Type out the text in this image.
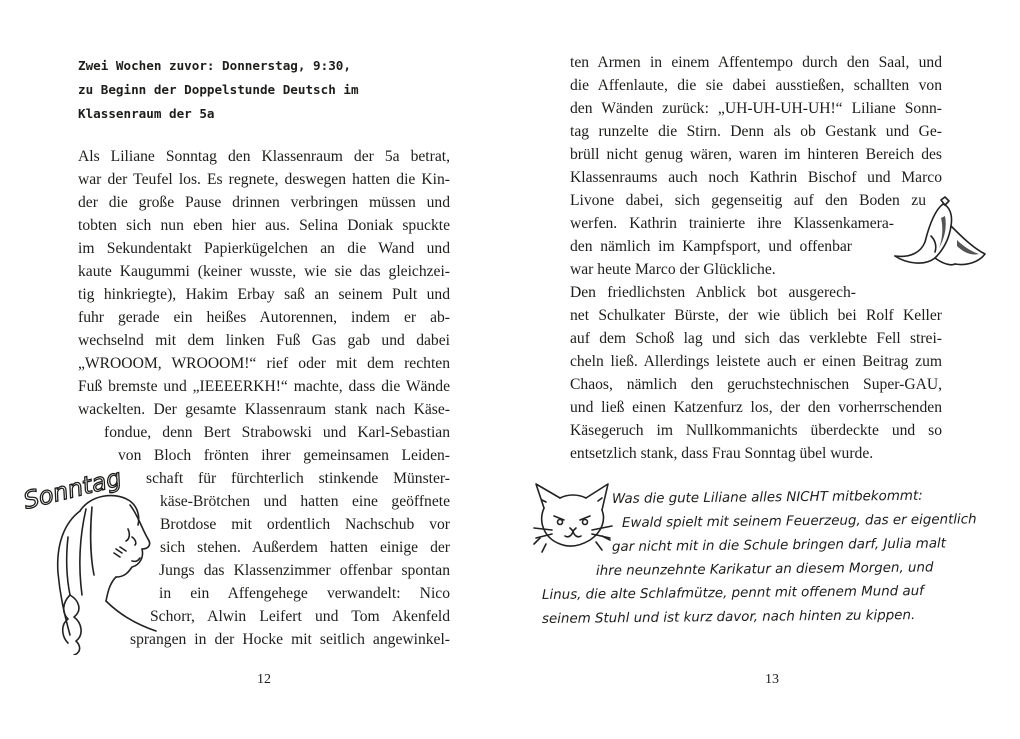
Zwei Wochen zuvor: Donnerstag, 9:30,
zu Beginn der Doppelstunde Deutsch im
Klassenraum der 5a
Als Liliane Sonntag den Klassenraum der 5a betrat,
war der Teufel los. Es regnete, deswegen hatten die Kin-
der die große Pause drinnen verbringen müssen und
tobten sich nun eben hier aus. Selina Doniak spuckte
im Sekundentakt Papierkügelchen an die Wand und
kaute Kaugummi (keiner wusste, wie sie das gleichzei-
tig hinkriegte), Hakim Erbay saß an seinem Pult und
fuhr gerade ein heißes Autorennen, indem er ab-
wechselnd mit dem linken Fuß Gas gab und dabei
„WROOOM, WROOOM!“ rief oder mit dem rechten
Fuß bremste und „IEEEERKH!“ machte, dass die Wände
wackelten. Der gesamte Klassenraum stank nach Käse-
fondue, denn Bert Strabowski und Karl-Sebastian
von Bloch frönten ihrer gemeinsamen Leiden-
schaft für fürchterlich stinkende Münster-
käse-Brötchen und hatten eine geöffnete
Brotdose mit ordentlich Nachschub vor
sich stehen. Außerdem hatten einige der
Jungs das Klassenzimmer offenbar spontan
in ein Affengehege verwandelt: Nico
Schorr, Alwin Leifert und Tom Akenfeld
sprangen in der Hocke mit seitlich angewinkel-
Sonntag
12
ten Armen in einem Affentempo durch den Saal, und
die Affenlaute, die sie dabei ausstießen, schallten von
den Wänden zurück: „UH-UH-UH-UH!“ Liliane Sonn-
tag runzelte die Stirn. Denn als ob Gestank und Ge-
brüll nicht genug wären, waren im hinteren Bereich des
Klassenraums auch noch Kathrin Bischof und Marco
Livone dabei, sich gegenseitig auf den Boden zu
werfen. Kathrin trainierte ihre Klassenkamera-
den nämlich im Kampfsport, und offenbar
war heute Marco der Glückliche.
Den friedlichsten Anblick bot ausgerech-
net Schulkater Bürste, der wie üblich bei Rolf Keller
auf dem Schoß lag und sich das verklebte Fell strei-
cheln ließ. Allerdings leistete auch er einen Beitrag zum
Chaos, nämlich den geruchstechnischen Super-GAU,
und ließ einen Katzenfurz los, der den vorherrschenden
Käsegeruch im Nullkommanichts überdeckte und so
entsetzlich stank, dass Frau Sonntag übel wurde.
Was die gute Liliane alles NICHT mitbekommt:
Ewald spielt mit seinem Feuerzeug, das er eigentlich
gar nicht mit in die Schule bringen darf, Julia malt
ihre neunzehnte Karikatur an diesem Morgen, und
Linus, die alte Schlafmütze, pennt mit offenem Mund auf
seinem Stuhl und ist kurz davor, nach hinten zu kippen.
13
